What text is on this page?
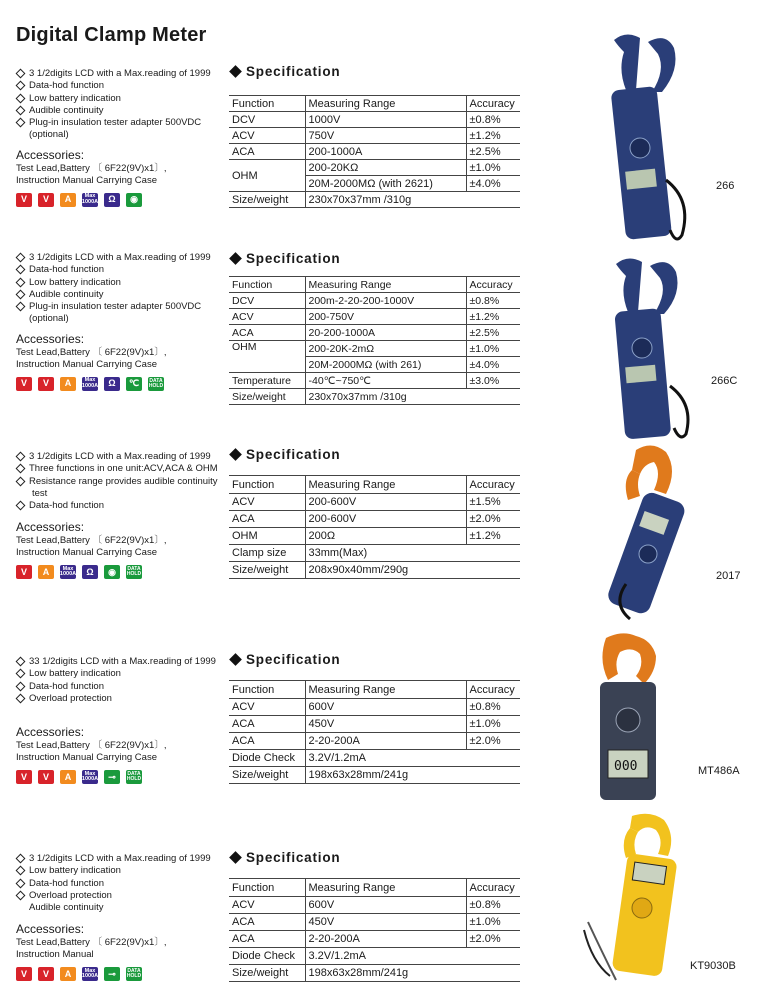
Digital Clamp Meter
3 1/2digits LCD with a Max.reading of 1999
Data-hod function
Low battery indication
Audible continuity
Plug-in insulation tester adapter 500VDC
(optional)
Accessories:
Test Lead,Battery 〔 6F22(9V)x1〕,
Instruction Manual Carrying Case
V V A Max
1000A Ω	◉
Specification
Function	Measuring Range	Accuracy
DCV	1000V	±0.8%
ACV	750V	±1.2%
ACA	200-1000A	±2.5%
OHM	200-20KΩ	±1.0%
	20M-2000MΩ (with 2621)	±4.0%
Size/weight	230x70x37mm /310g	
266
3 1/2digits LCD with a Max.reading of 1999
Data-hod function
Low battery indication
Audible continuity
Plug-in insulation tester adapter 500VDC
(optional)
Accessories:
Test Lead,Battery 〔 6F22(9V)x1〕,
Instruction Manual Carrying Case
V V A Max
1000A Ω ℃ DATA
HOLD
Specification
Function	Measuring Range	Accuracy
DCV	200m-2-20-200-1000V	±0.8%
ACV	200-750V	±1.2%
ACA	20-200-1000A	±2.5%
OHM	200-20K-2mΩ	±1.0%
	20M-2000MΩ (with 261)	±4.0%
Temperature	-40℃~750℃	±3.0%
Size/weight	230x70x37mm /310g	
266C
3 1/2digits LCD with a Max.reading of 1999
Three functions in one unit:ACV,ACA & OHM
Resistance range provides audible continuity
test
Data-hod function
Accessories:
Test Lead,Battery 〔 6F22(9V)x1〕,
Instruction Manual Carrying Case
V A Max
1000A Ω	◉	DATA
HOLD
Specification
Function	Measuring Range	Accuracy
ACV	200-600V	±1.5%
ACA	200-600V	±2.0%
OHM	200Ω	±1.2%
Clamp size	33mm(Max)	
Size/weight	208x90x40mm/290g		2017
33 1/2digits LCD with a Max.reading of 1999
Low battery indication
Data-hod function
Overload protection
Accessories:
Test Lead,Battery 〔 6F22(9V)x1〕,
Instruction Manual Carrying Case
V V A Max
1000A	⊸	DATA
HOLD
Specification
Function	Measuring Range	Accuracy
ACV	600V	±0.8%
ACA	450V	±1.0%
ACA	2-20-200A	±2.0%
Diode Check	3.2V/1.2mA	
Size/weight	198x63x28mm/241g		MT486A
000
3 1/2digits LCD with a Max.reading of 1999
Low battery indication
Data-hod function
Overload protection
Audible continuity
Accessories:
Test Lead,Battery 〔 6F22(9V)x1〕,
Instruction Manual
V V A Max
1000A	⊸	DATA
HOLD
Specification
Function	Measuring Range	Accuracy
ACV	600V	±0.8%
ACA	450V	±1.0%
ACA	2-20-200A	±2.0%
Diode Check	3.2V/1.2mA	
Size/weight	198x63x28mm/241g	
KT9030B
